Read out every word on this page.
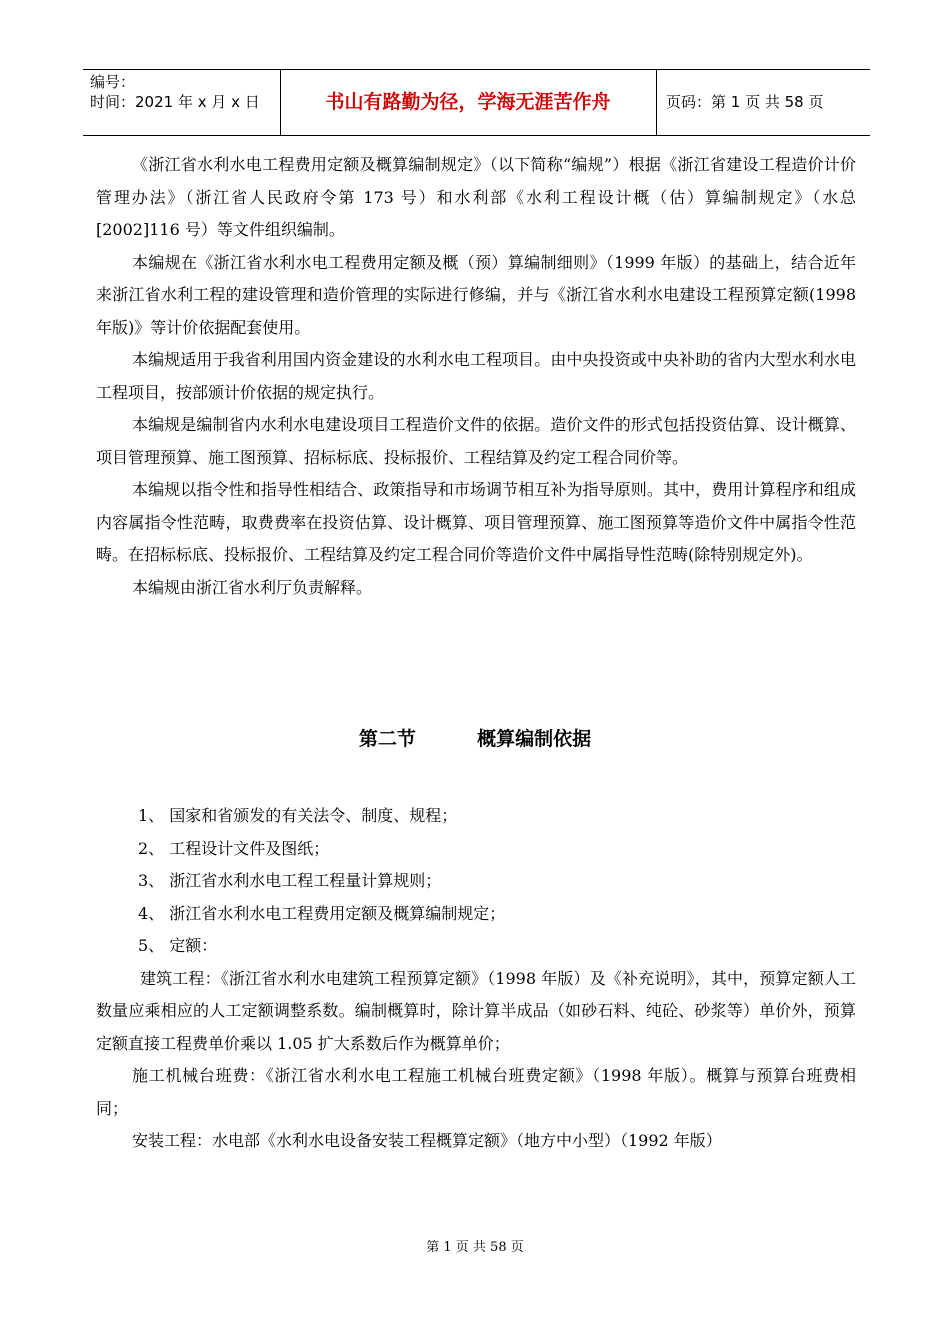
编号：
时间：2021 年 x 月 x 日	书山有路勤为径，学海无涯苦作舟	页码：第 1 页 共 58 页

《浙江省水利水电工程费用定额及概算编制规定》（以下简称“编规”）根据《浙江省建设工程造价计价管理办法》（浙江省人民政府令第 173 号）和水利部《水利工程设计概（估）算编制规定》（水总[2002]116 号）等文件组织编制。

本编规在《浙江省水利水电工程费用定额及概（预）算编制细则》（1999 年版）的基础上，结合近年来浙江省水利工程的建设管理和造价管理的实际进行修编，并与《浙江省水利水电建设工程预算定额(1998 年版)》等计价依据配套使用。

本编规适用于我省利用国内资金建设的水利水电工程项目。由中央投资或中央补助的省内大型水利水电工程项目，按部颁计价依据的规定执行。

本编规是编制省内水利水电建设项目工程造价文件的依据。造价文件的形式包括投资估算、设计概算、项目管理预算、施工图预算、招标标底、投标报价、工程结算及约定工程合同价等。

本编规以指令性和指导性相结合、政策指导和市场调节相互补为指导原则。其中，费用计算程序和组成内容属指令性范畴，取费费率在投资估算、设计概算、项目管理预算、施工图预算等造价文件中属指令性范畴。在招标标底、投标报价、工程结算及约定工程合同价等造价文件中属指导性范畴(除特别规定外)。

本编规由浙江省水利厅负责解释。

第二节	概算编制依据

1、 国家和省颁发的有关法令、制度、规程；

2、 工程设计文件及图纸；

3、 浙江省水利水电工程工程量计算规则；

4、 浙江省水利水电工程费用定额及概算编制规定；

5、 定额：

建筑工程：《浙江省水利水电建筑工程预算定额》（1998 年版）及《补充说明》，其中，预算定额人工数量应乘相应的人工定额调整系数。编制概算时，除计算半成品（如砂石料、纯砼、砂浆等）单价外，预算定额直接工程费单价乘以 1.05 扩大系数后作为概算单价；

施工机械台班费：《浙江省水利水电工程施工机械台班费定额》（1998 年版）。概算与预算台班费相同；

安装工程：水电部《水利水电设备安装工程概算定额》（地方中小型）（1992 年版）

第 1 页 共 58 页
